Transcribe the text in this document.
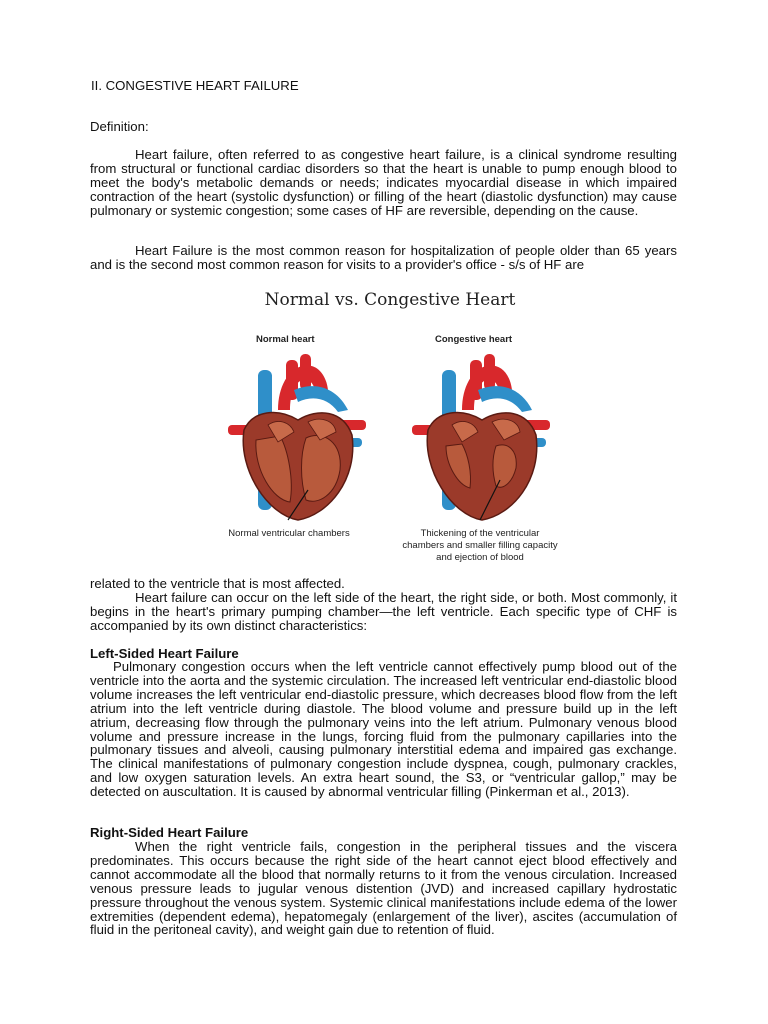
II. CONGESTIVE HEART FAILURE
Definition:
Heart failure, often referred to as congestive heart failure, is a clinical syndrome resulting from structural or functional cardiac disorders so that the heart is unable to pump enough blood to meet the body's metabolic demands or needs; indicates myocardial disease in which impaired contraction of the heart (systolic dysfunction) or filling of the heart (diastolic dysfunction) may cause pulmonary or systemic congestion; some cases of HF are reversible, depending on the cause.
Heart Failure is the most common reason for hospitalization of people older than 65 years and is the second most common reason for visits to a provider's office - s/s of HF are
Normal vs. Congestive Heart
Normal heart	Congestive heart
Normal ventricular chambers	Thickening of the ventricular
chambers and smaller filling capacity
and ejection of blood
related to the ventricle that is most affected.
Heart failure can occur on the left side of the heart, the right side, or both. Most commonly, it begins in the heart's primary pumping chamber—the left ventricle. Each specific type of CHF is accompanied by its own distinct characteristics:
Left-Sided Heart Failure
Pulmonary congestion occurs when the left ventricle cannot effectively pump blood out of the ventricle into the aorta and the systemic circulation. The increased left ventricular end-diastolic blood volume increases the left ventricular end-diastolic pressure, which decreases blood flow from the left atrium into the left ventricle during diastole. The blood volume and pressure build up in the left atrium, decreasing flow through the pulmonary veins into the left atrium. Pulmonary venous blood volume and pressure increase in the lungs, forcing fluid from the pulmonary capillaries into the pulmonary tissues and alveoli, causing pulmonary interstitial edema and impaired gas exchange. The clinical manifestations of pulmonary congestion include dyspnea, cough, pulmonary crackles, and low oxygen saturation levels. An extra heart sound, the S3, or “ventricular gallop,” may be detected on auscultation. It is caused by abnormal ventricular filling (Pinkerman et al., 2013).
Right-Sided Heart Failure
When the right ventricle fails, congestion in the peripheral tissues and the viscera predominates. This occurs because the right side of the heart cannot eject blood effectively and cannot accommodate all the blood that normally returns to it from the venous circulation. Increased venous pressure leads to jugular venous distention (JVD) and increased capillary hydrostatic pressure throughout the venous system. Systemic clinical manifestations include edema of the lower extremities (dependent edema), hepatomegaly (enlargement of the liver), ascites (accumulation of fluid in the peritoneal cavity), and weight gain due to retention of fluid.
